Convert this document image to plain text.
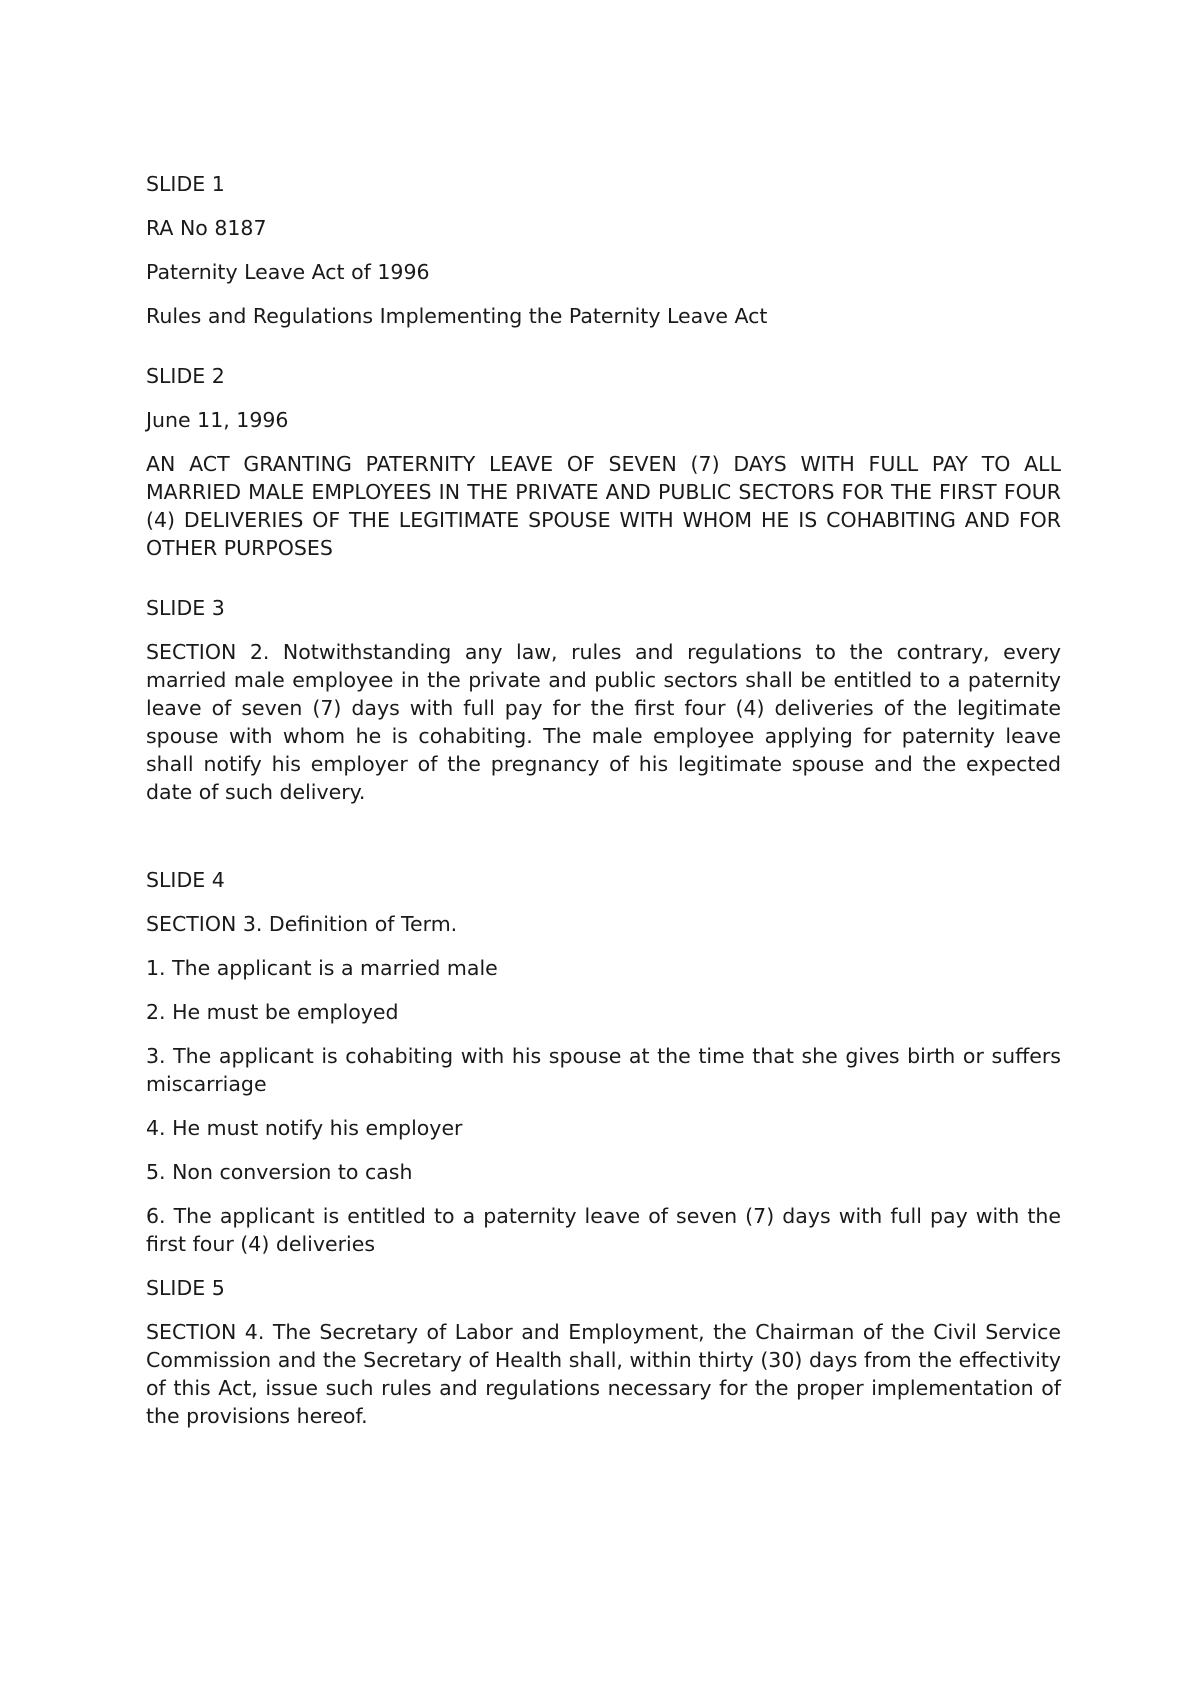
SLIDE 1

RA No 8187

Paternity Leave Act of 1996

Rules and Regulations Implementing the Paternity Leave Act

SLIDE 2

June 11, 1996

AN ACT GRANTING PATERNITY LEAVE OF SEVEN (7) DAYS WITH FULL PAY TO ALL MARRIED MALE EMPLOYEES IN THE PRIVATE AND PUBLIC SECTORS FOR THE FIRST FOUR (4) DELIVERIES OF THE LEGITIMATE SPOUSE WITH WHOM HE IS COHABITING AND FOR OTHER PURPOSES

SLIDE 3

SECTION 2. Notwithstanding any law, rules and regulations to the contrary, every married male employee in the private and public sectors shall be entitled to a paternity leave of seven (7) days with full pay for the first four (4) deliveries of the legitimate spouse with whom he is cohabiting. The male employee applying for paternity leave shall notify his employer of the pregnancy of his legitimate spouse and the expected date of such delivery.

SLIDE 4

SECTION 3. Definition of Term.

1. The applicant is a married male

2. He must be employed

3. The applicant is cohabiting with his spouse at the time that she gives birth or suffers miscarriage

4. He must notify his employer

5. Non conversion to cash

6. The applicant is entitled to a paternity leave of seven (7) days with full pay with the first four (4) deliveries

SLIDE 5

SECTION 4. The Secretary of Labor and Employment, the Chairman of the Civil Service Commission and the Secretary of Health shall, within thirty (30) days from the effectivity of this Act, issue such rules and regulations necessary for the proper implementation of the provisions hereof.
